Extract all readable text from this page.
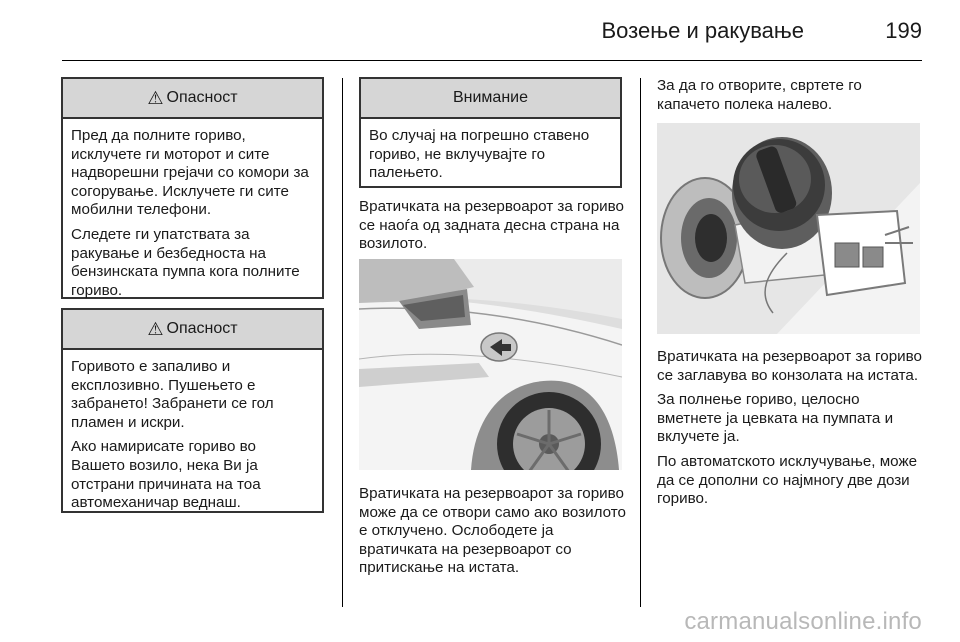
Возење и ракување	199
⚠ Опасност

Пред да полните гориво, исклучете ги моторот и сите надворешни грејачи со комори за согорување. Исклучете ги сите мобилни телефони.

Следете ги упатствата за ракување и безбедноста на бензинската пумпа кога полните гориво.

⚠ Опасност

Горивото е запаливо и експлозивно. Пушењето е забрането! Забранети се гол пламен и искри.

Ако намирисате гориво во Вашето возило, нека Ви ја отстрани причината на тоа автомеханичар веднаш.

Внимание

Во случај на погрешно ставено гориво, не вклучувајте го палењето.

Вратичката на резервоарот за гориво се наоѓа од задната десна страна на возилото.

Вратичката на резервоарот за гориво може да се отвори само ако возилото е отклучено. Ослободете ја вратичката на резервоарот со притискање на истата.

За да го отворите, свртете го капачето полека налево.

Вратичката на резервоарот за гориво се заглавува во конзолата на истата.

За полнење гориво, целосно вметнете ја цевката на пумпата и вклучете ја.

По автоматското исклучување, може да се дополни со најмногу две дози гориво.

carmanualsonline.info
